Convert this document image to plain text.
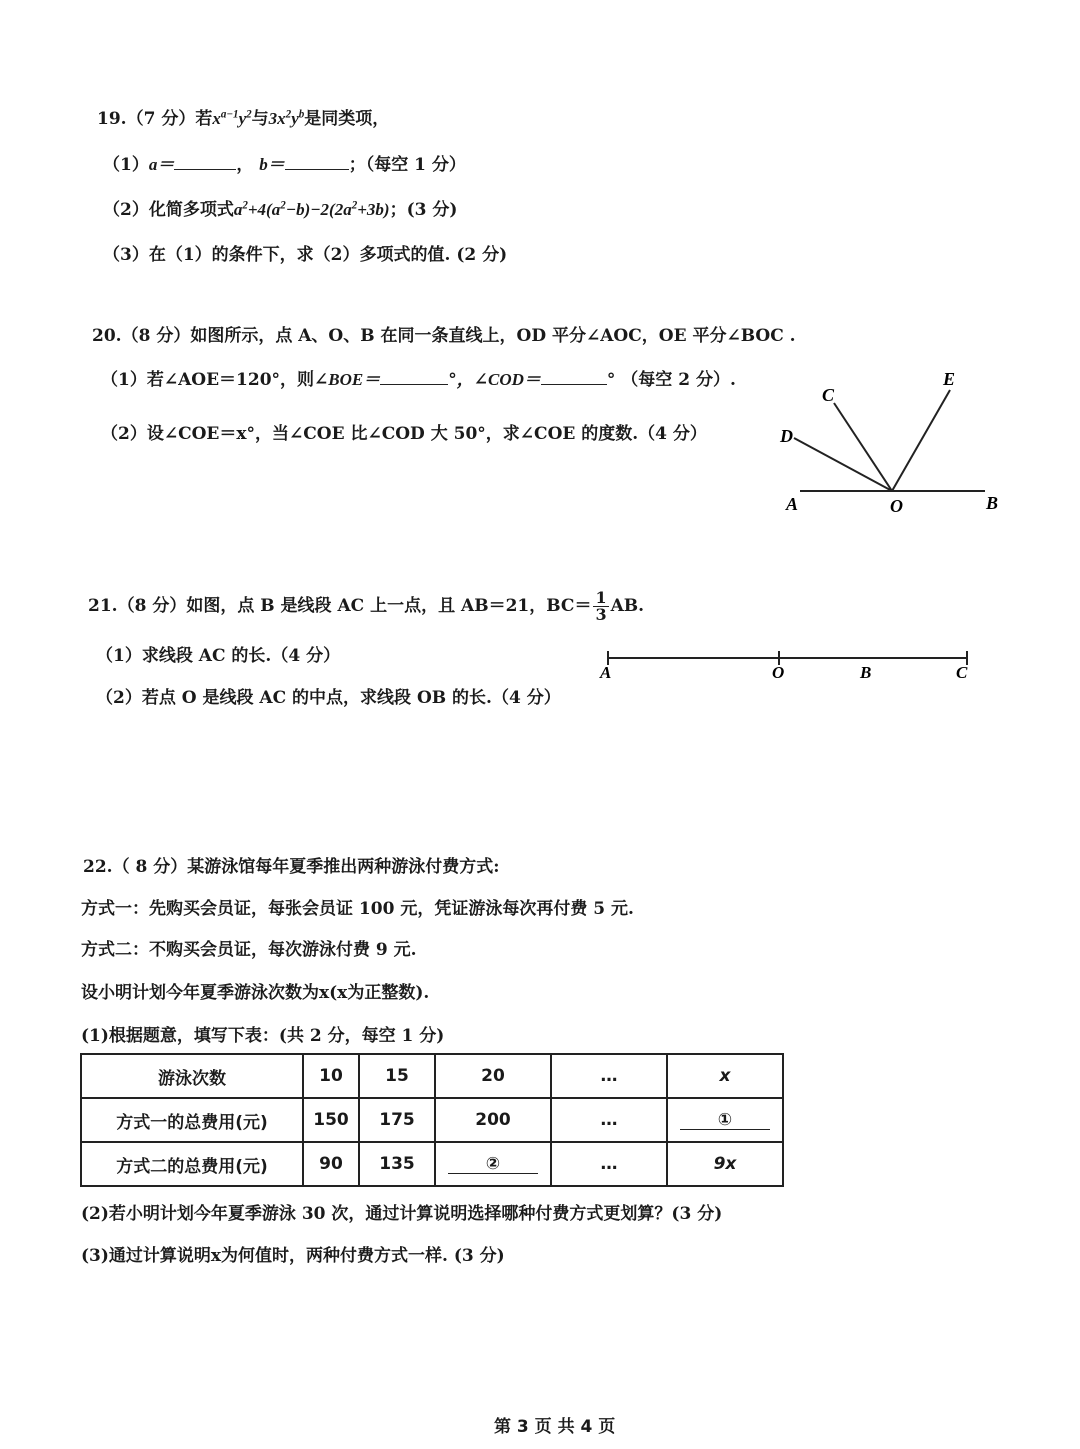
19.（7 分）若$x^{a-1}y^2$与$3x^2y^b$是同类项，
（1）a＝	， b＝	；（每空 1 分）
（2）化简多项式$a^2+4(a^2-b)-2(2a^2+3b)$；(3 分)
（3）在（1）的条件下，求（2）多项式的值. (2 分)
20.（8 分）如图所示，点 A、O、B 在同一条直线上，OD 平分∠AOC，OE 平分∠BOC .
（1）若∠AOE＝120°，则∠BOE＝	°，∠COD＝	° （每空 2 分）.
（2）设∠COE＝x°，当∠COE 比∠COD 大 50°，求∠COE 的度数.（4 分）
C
E
D
A	O	B
21.（8 分）如图，点 B 是线段 AC 上一点，且 AB＝21，$BC= \frac{1}{3}$ AB.
（1）求线段 AC 的长.（4 分）
（2）若点 O 是线段 AC 的中点，求线段 OB 的长.（4 分）
A	O	B	C
22.（ 8 分）某游泳馆每年夏季推出两种游泳付费方式:
方式一：先购买会员证，每张会员证 100 元，凭证游泳每次再付费 5 元.
方式二：不购买会员证，每次游泳付费 9 元.
设小明计划今年夏季游泳次数为x(x为正整数).
(1)根据题意，填写下表：(共 2 分，每空 1 分)
游泳次数	10	15	20	…	x
方式一的总费用(元)	150	175	200	…	①
方式二的总费用(元)	90	135	②	…	9x
(2)若小明计划今年夏季游泳 30 次，通过计算说明选择哪种付费方式更划算？(3 分)
(3)通过计算说明x为何值时，两种付费方式一样. (3 分)
第 3 页 共 4 页
